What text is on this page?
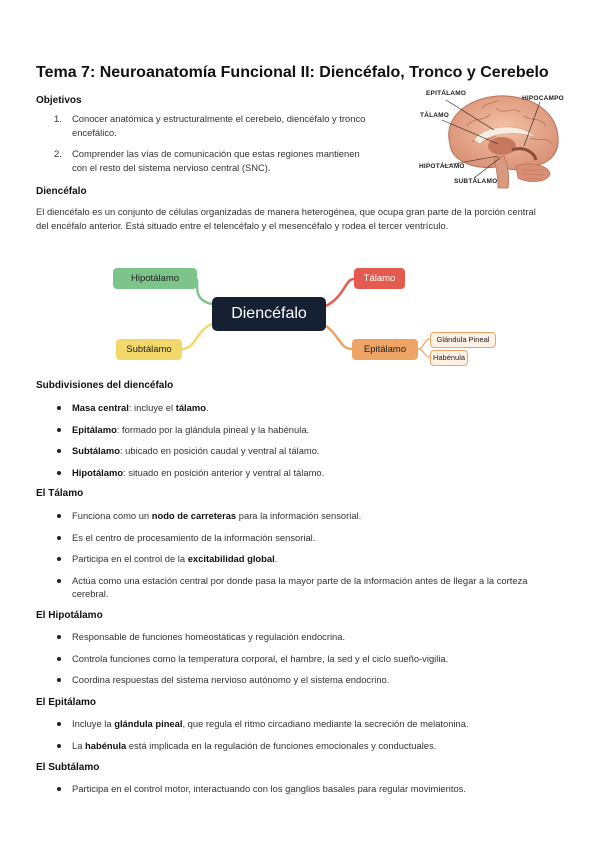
Tema 7: Neuroanatomía Funcional II: Diencéfalo, Tronco y Cerebelo
Objetivos
1. Conocer anatómica y estructuralmente el cerebelo, diencéfalo y tronco encefálico.
2. Comprender las vías de comunicación que estas regiones mantienen con el resto del sistema nervioso central (SNC).
EPITÁLAMO
HIPOCAMPO
TÁLAMO
HIPOTÁLAMO
SUBTÁLAMO
Diencéfalo
El diencéfalo es un conjunto de células organizadas de manera heterogénea, que ocupa gran parte de la porción central del encéfalo anterior. Está situado entre el telencéfalo y el mesencéfalo y rodea el tercer ventrículo.
Diencéfalo
Hipotálamo	Tálamo
Subtálamo	Epitálamo
Glándula Pineal
Habénula
Subdivisiones del diencéfalo
Masa central: incluye el tálamo.
Epitálamo: formado por la glándula pineal y la habénula.
Subtálamo: ubicado en posición caudal y ventral al tálamo.
Hipotálamo: situado en posición anterior y ventral al tálamo.
El Tálamo
Funciona como un nodo de carreteras para la información sensorial.
Es el centro de procesamiento de la información sensorial.
Participa en el control de la excitabilidad global.
Actúa como una estación central por donde pasa la mayor parte de la información antes de llegar a la corteza cerebral.
El Hipotálamo
Responsable de funciones homeostáticas y regulación endocrina.
Controla funciones como la temperatura corporal, el hambre, la sed y el ciclo sueño-vigilia.
Coordina respuestas del sistema nervioso autónomo y el sistema endocrino.
El Epitálamo
Incluye la glándula pineal, que regula el ritmo circadiano mediante la secreción de melatonina.
La habénula está implicada en la regulación de funciones emocionales y conductuales.
El Subtálamo
Participa en el control motor, interactuando con los ganglios basales para regular movimientos.
